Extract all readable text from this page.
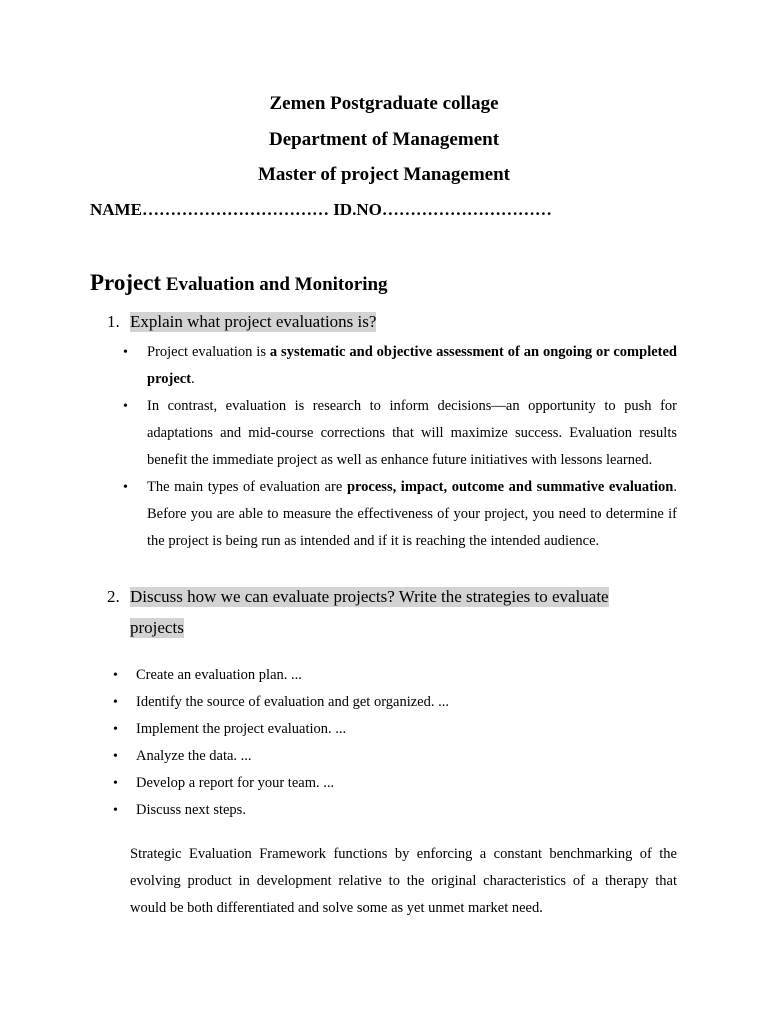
Zemen Postgraduate collage
Department of Management
Master of project Management
NAME…………………………… ID.NO…………………………
Project Evaluation and Monitoring
1. Explain what project evaluations is?
• Project evaluation is a systematic and objective assessment of an ongoing or completed project.
• In contrast, evaluation is research to inform decisions—an opportunity to push for adaptations and mid-course corrections that will maximize success. Evaluation results benefit the immediate project as well as enhance future initiatives with lessons learned.
• The main types of evaluation are process, impact, outcome and summative evaluation. Before you are able to measure the effectiveness of your project, you need to determine if the project is being run as intended and if it is reaching the intended audience.
2. Discuss how we can evaluate projects? Write the strategies to evaluate
projects
• Create an evaluation plan. ...
• Identify the source of evaluation and get organized. ...
• Implement the project evaluation. ...
• Analyze the data. ...
• Develop a report for your team. ...
• Discuss next steps.
Strategic Evaluation Framework functions by enforcing a constant benchmarking of the evolving product in development relative to the original characteristics of a therapy that would be both differentiated and solve some as yet unmet market need.
